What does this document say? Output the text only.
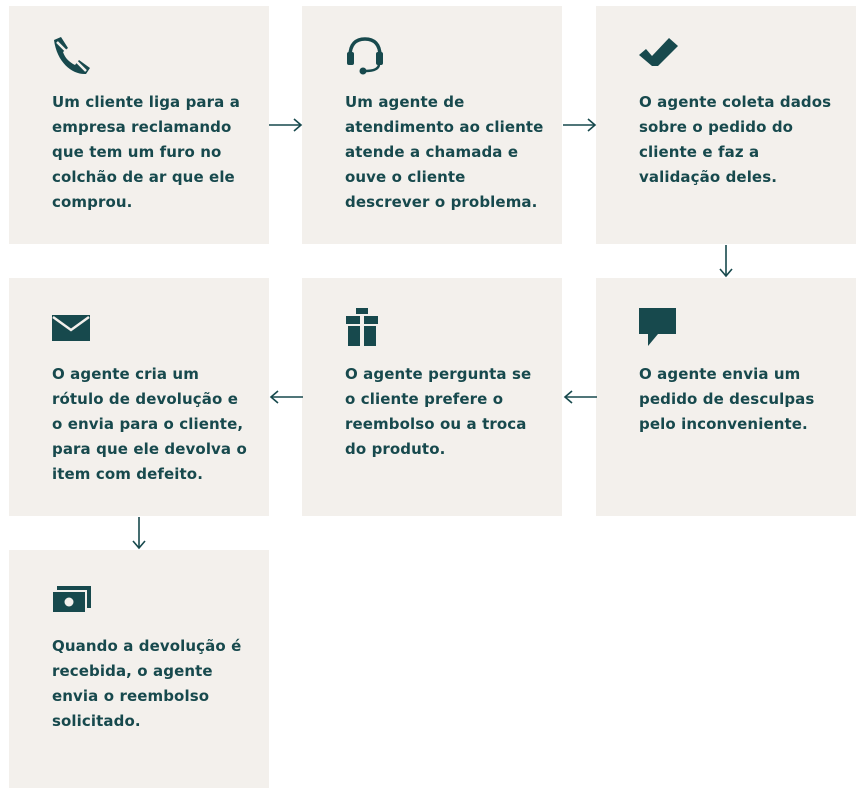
Um cliente liga para a empresa reclamando que tem um furo no colchão de ar que ele comprou.
Um agente de atendimento ao cliente atende a chamada e ouve o cliente descrever o problema.
O agente coleta dados sobre o pedido do cliente e faz a validação deles.
O agente cria um rótulo de devolução e o envia para o cliente, para que ele devolva o item com defeito.
O agente pergunta se o cliente prefere o reembolso ou a troca do produto.
O agente envia um pedido de desculpas pelo inconveniente.
Quando a devolução é recebida, o agente envia o reembolso solicitado.
